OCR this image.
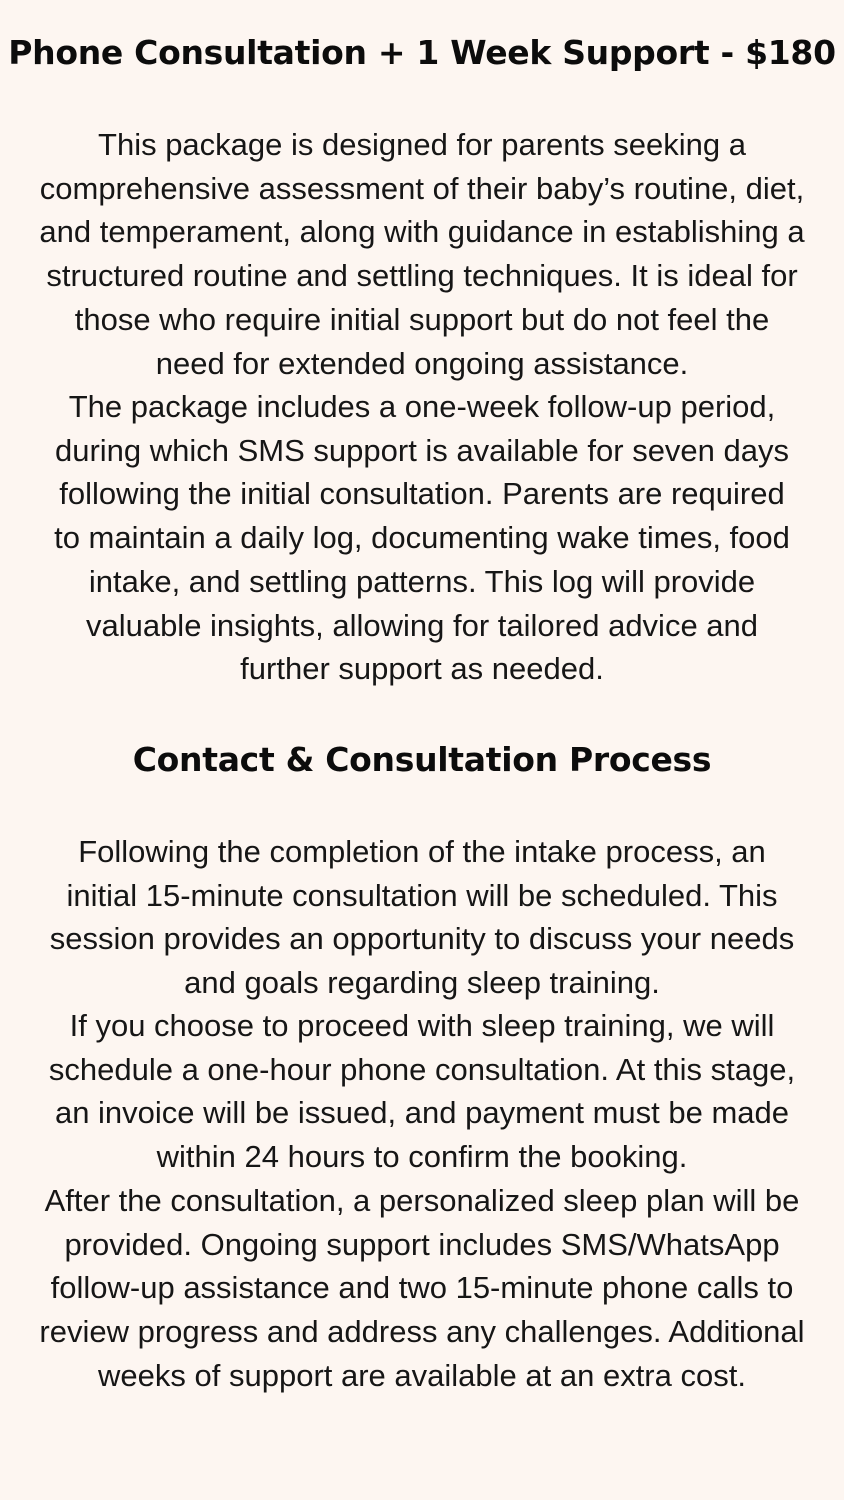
Phone Consultation + 1 Week Support - $180

This package is designed for parents seeking a
comprehensive assessment of their baby’s routine, diet,
and temperament, along with guidance in establishing a
structured routine and settling techniques. It is ideal for
those who require initial support but do not feel the
need for extended ongoing assistance.

The package includes a one-week follow-up period,
during which SMS support is available for seven days
following the initial consultation. Parents are required
to maintain a daily log, documenting wake times, food
intake, and settling patterns. This log will provide
valuable insights, allowing for tailored advice and
further support as needed.

Contact & Consultation Process

Following the completion of the intake process, an
initial 15-minute consultation will be scheduled. This
session provides an opportunity to discuss your needs
and goals regarding sleep training.

If you choose to proceed with sleep training, we will
schedule a one-hour phone consultation. At this stage,
an invoice will be issued, and payment must be made
within 24 hours to confirm the booking.

After the consultation, a personalized sleep plan will be
provided. Ongoing support includes SMS/WhatsApp
follow-up assistance and two 15-minute phone calls to
review progress and address any challenges. Additional
weeks of support are available at an extra cost.
